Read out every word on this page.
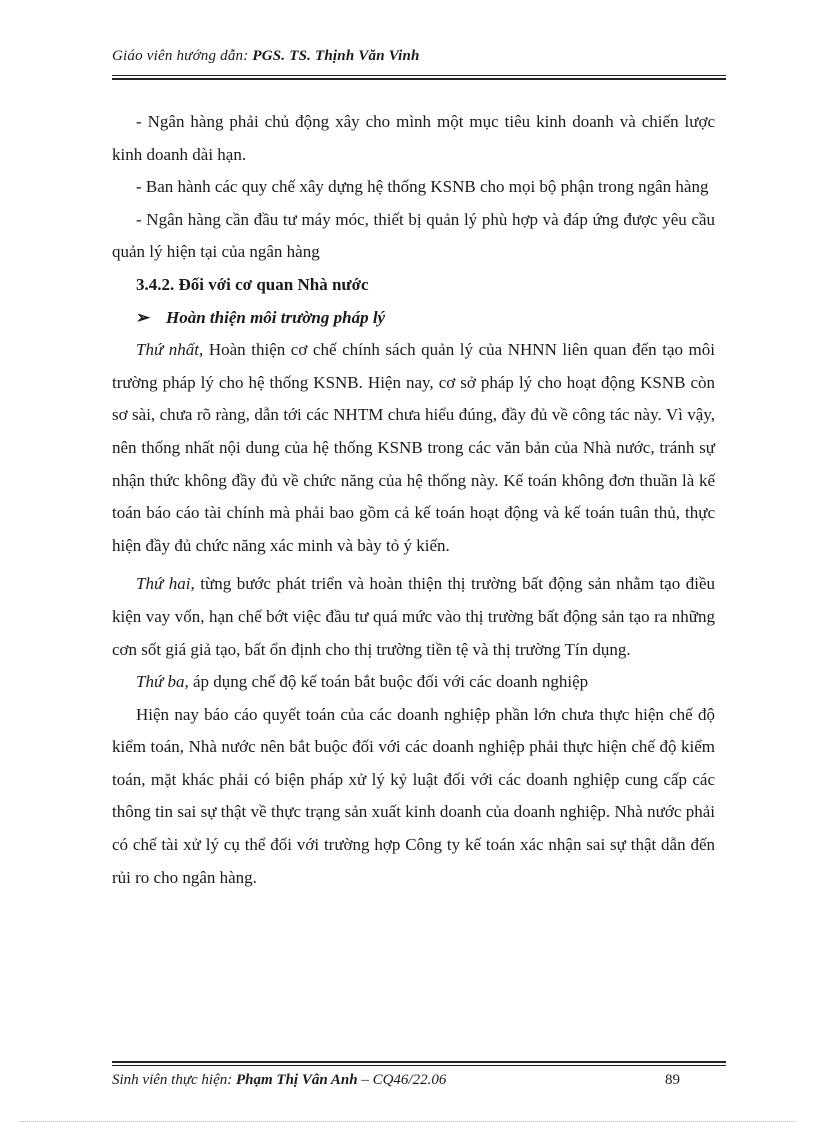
Giáo viên hướng dẫn: PGS. TS. Thịnh Văn Vinh

- Ngân hàng phải chủ động xây cho mình một mục tiêu kinh doanh và chiến lược kinh doanh dài hạn.

- Ban hành các quy chế xây dựng hệ thống KSNB cho mọi bộ phận trong ngân hàng

- Ngân hàng cần đầu tư máy móc, thiết bị quản lý phù hợp và đáp ứng được yêu cầu quản lý hiện tại của ngân hàng

3.4.2. Đối với cơ quan Nhà nước

➢ Hoàn thiện môi trường pháp lý

Thứ nhất, Hoàn thiện cơ chế chính sách quản lý của NHNN liên quan đến tạo môi trường pháp lý cho hệ thống KSNB. Hiện nay, cơ sở pháp lý cho hoạt động KSNB còn sơ sài, chưa rõ ràng, dẫn tới các NHTM chưa hiểu đúng, đầy đủ về công tác này. Vì vậy, nên thống nhất nội dung của hệ thống KSNB trong các văn bản của Nhà nước, tránh sự nhận thức không đầy đủ về chức năng của hệ thống này. Kế toán không đơn thuần là kế toán báo cáo tài chính mà phải bao gồm cả kế toán hoạt động và kế toán tuân thủ, thực hiện đầy đủ chức năng xác minh và bày tỏ ý kiến.

Thứ hai, từng bước phát triển và hoàn thiện thị trường bất động sản nhằm tạo điều kiện vay vốn, hạn chế bớt việc đầu tư quá mức vào thị trường bất động sản tạo ra những cơn sốt giá giả tạo, bất ổn định cho thị trường tiền tệ và thị trường Tín dụng.

Thứ ba, áp dụng chế độ kế toán bắt buộc đối với các doanh nghiệp

Hiện nay báo cáo quyết toán của các doanh nghiệp phần lớn chưa thực hiện chế độ kiểm toán, Nhà nước nên bắt buộc đối với các doanh nghiệp phải thực hiện chế độ kiểm toán, mặt khác phải có biện pháp xử lý kỷ luật đối với các doanh nghiệp cung cấp các thông tin sai sự thật về thực trạng sản xuất kinh doanh của doanh nghiệp. Nhà nước phải có chế tài xử lý cụ thể đối với trường hợp Công ty kế toán xác nhận sai sự thật dẫn đến rủi ro cho ngân hàng.

Sinh viên thực hiện: Phạm Thị Vân Anh – CQ46/22.06	89
